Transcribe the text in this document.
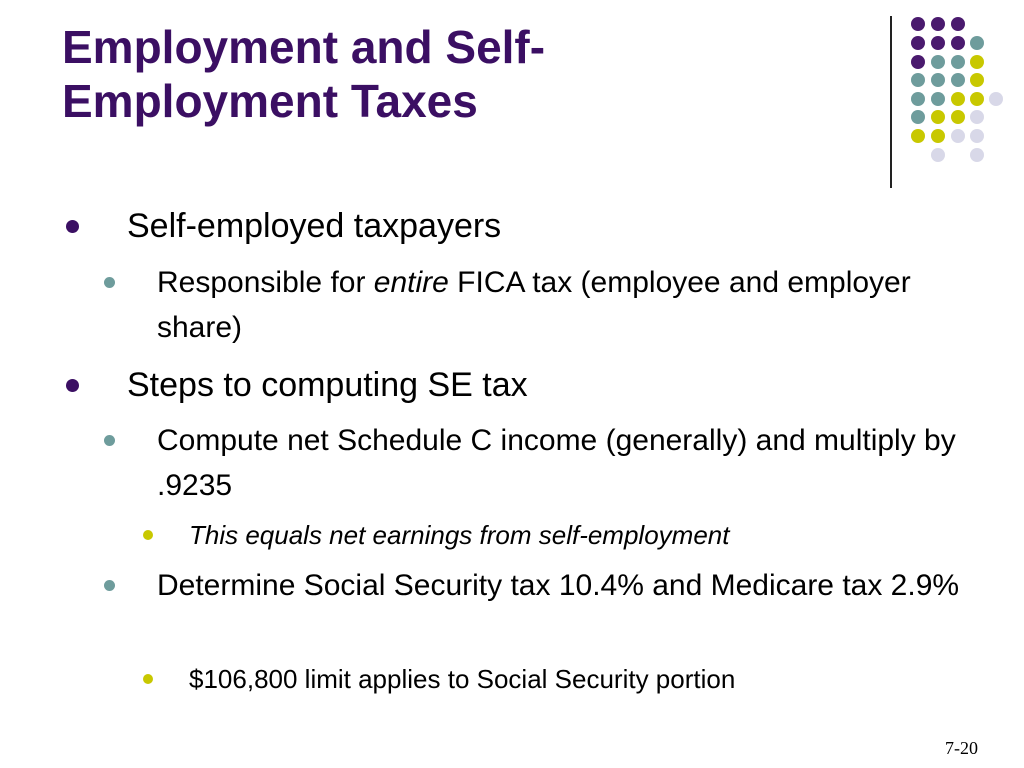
Employment and Self-
Employment Taxes

Self-employed taxpayers

Responsible for entire FICA tax (employee and employer share)

Steps to computing SE tax

Compute net Schedule C income (generally) and multiply by .9235

This equals net earnings from self-employment

Determine Social Security tax 10.4% and Medicare tax 2.9%

$106,800 limit applies to Social Security portion

7-20
